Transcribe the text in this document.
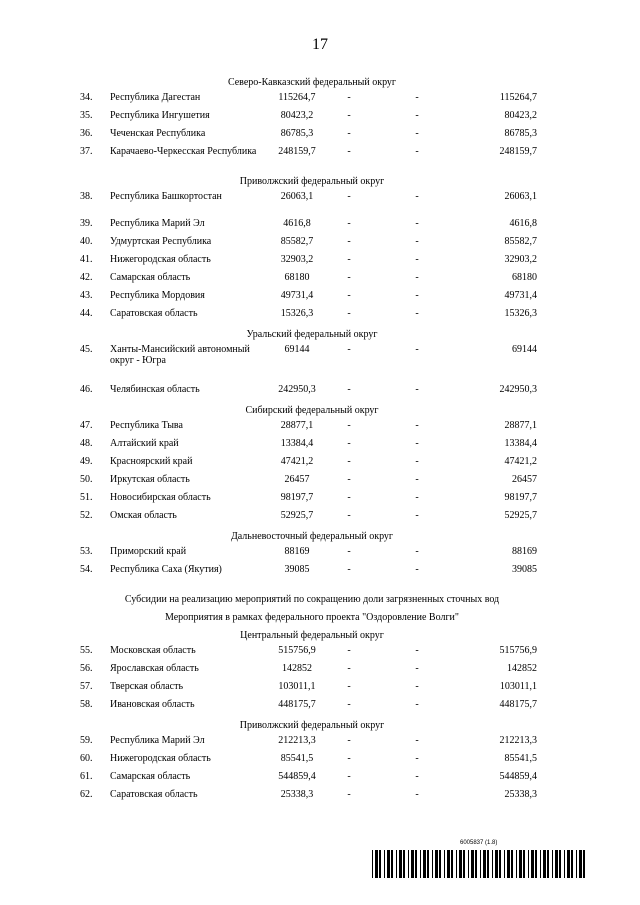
17
Северо-Кавказский федеральный округ
34. Республика Дагестан	115264,7	-	-	115264,7
35. Республика Ингушетия	80423,2	-	-	80423,2
36. Чеченская Республика	86785,3	-	-	86785,3
37. Карачаево-Черкесская Республика	248159,7	-	-	248159,7
Приволжский федеральный округ
38. Республика Башкортостан	26063,1	-	-	26063,1
39. Республика Марий Эл	4616,8	-	-	4616,8
40. Удмуртская Республика	85582,7	-	-	85582,7
41. Нижегородская область	32903,2	-	-	32903,2
42. Самарская область	68180	-	-	68180
43. Республика Мордовия	49731,4	-	-	49731,4
44. Саратовская область	15326,3	-	-	15326,3
Уральский федеральный округ
45. Ханты-Мансийский автономный округ - Югра
69144	-	-	69144
46. Челябинская область	242950,3	-	-	242950,3
Сибирский федеральный округ
47. Республика Тыва	28877,1	-	-	28877,1
48. Алтайский край	13384,4	-	-	13384,4
49. Красноярский край	47421,2	-	-	47421,2
50. Иркутская область	26457	-	-	26457
51. Новосибирская область	98197,7	-	-	98197,7
52. Омская область	52925,7	-	-	52925,7
Дальневосточный федеральный округ
53. Приморский край	88169	-	-	88169
54. Республика Саха (Якутия)	39085	-	-	39085
Субсидии на реализацию мероприятий по сокращению доли загрязненных сточных вод
Мероприятия в рамках федерального проекта "Оздоровление Волги"
Центральный федеральный округ
55. Московская область	515756,9	-	-	515756,9
56. Ярославская область	142852	-	-	142852
57. Тверская область	103011,1	-	-	103011,1
58. Ивановская область	448175,7	-	-	448175,7
Приволжский федеральный округ
59. Республика Марий Эл	212213,3	-	-	212213,3
60. Нижегородская область	85541,5	-	-	85541,5
61. Самарская область	544859,4	-	-	544859,4
62. Саратовская область	25338,3	-	-	25338,3
6005837 (1.8)
